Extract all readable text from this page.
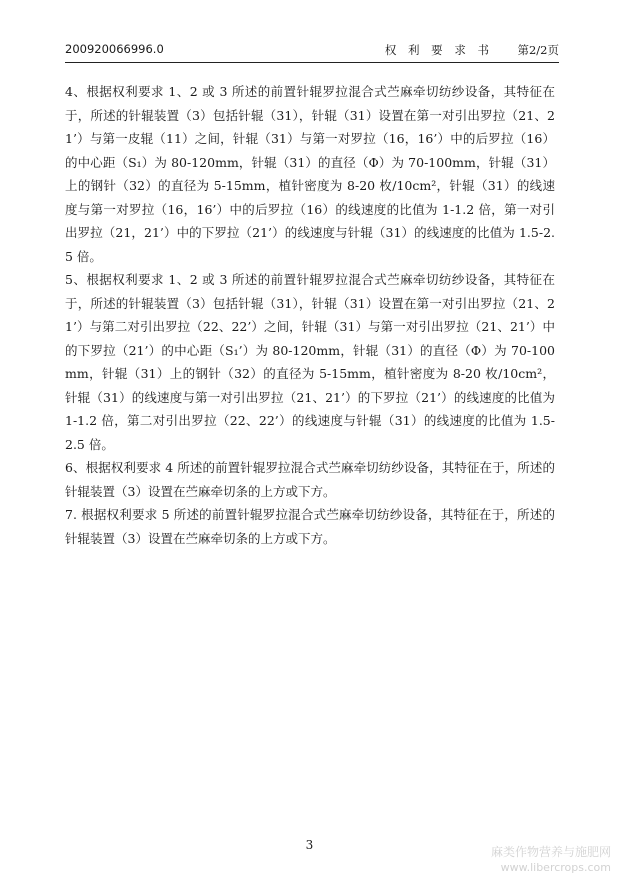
200920066996.0	权 利 要 求 书 第2/2页

4、根据权利要求 1、2 或 3 所述的前置针辊罗拉混合式苎麻牵切纺纱设备，其特征在于，所述的针辊装置（3）包括针辊（31），针辊（31）设置在第一对引出罗拉（21、21’）与第一皮辊（11）之间，针辊（31）与第一对罗拉（16，16’）中的后罗拉（16）的中心距（S₁）为 80-120mm，针辊（31）的直径（Φ）为 70-100mm，针辊（31）上的钢针（32）的直径为 5-15mm，植针密度为 8-20 枚/10cm²，针辊（31）的线速度与第一对罗拉（16，16’）中的后罗拉（16）的线速度的比值为 1-1.2 倍，第一对引出罗拉（21，21’）中的下罗拉（21’）的线速度与针辊（31）的线速度的比值为 1.5-2.5 倍。

5、根据权利要求 1、2 或 3 所述的前置针辊罗拉混合式苎麻牵切纺纱设备，其特征在于，所述的针辊装置（3）包括针辊（31），针辊（31）设置在第一对引出罗拉（21、21’）与第二对引出罗拉（22、22’）之间，针辊（31）与第一对引出罗拉（21、21’）中的下罗拉（21’）的中心距（S₁’）为 80-120mm，针辊（31）的直径（Φ）为 70-100mm，针辊（31）上的钢针（32）的直径为 5-15mm，植针密度为 8-20 枚/10cm²，针辊（31）的线速度与第一对引出罗拉（21、21’）的下罗拉（21’）的线速度的比值为 1-1.2 倍，第二对引出罗拉（22、22’）的线速度与针辊（31）的线速度的比值为 1.5-2.5 倍。

6、根据权利要求 4 所述的前置针辊罗拉混合式苎麻牵切纺纱设备，其特征在于，所述的针辊装置（3）设置在苎麻牵切条的上方或下方。

7. 根据权利要求 5 所述的前置针辊罗拉混合式苎麻牵切纺纱设备，其特征在于，所述的针辊装置（3）设置在苎麻牵切条的上方或下方。

3	麻类作物营养与施肥网
www.libercrops.com
